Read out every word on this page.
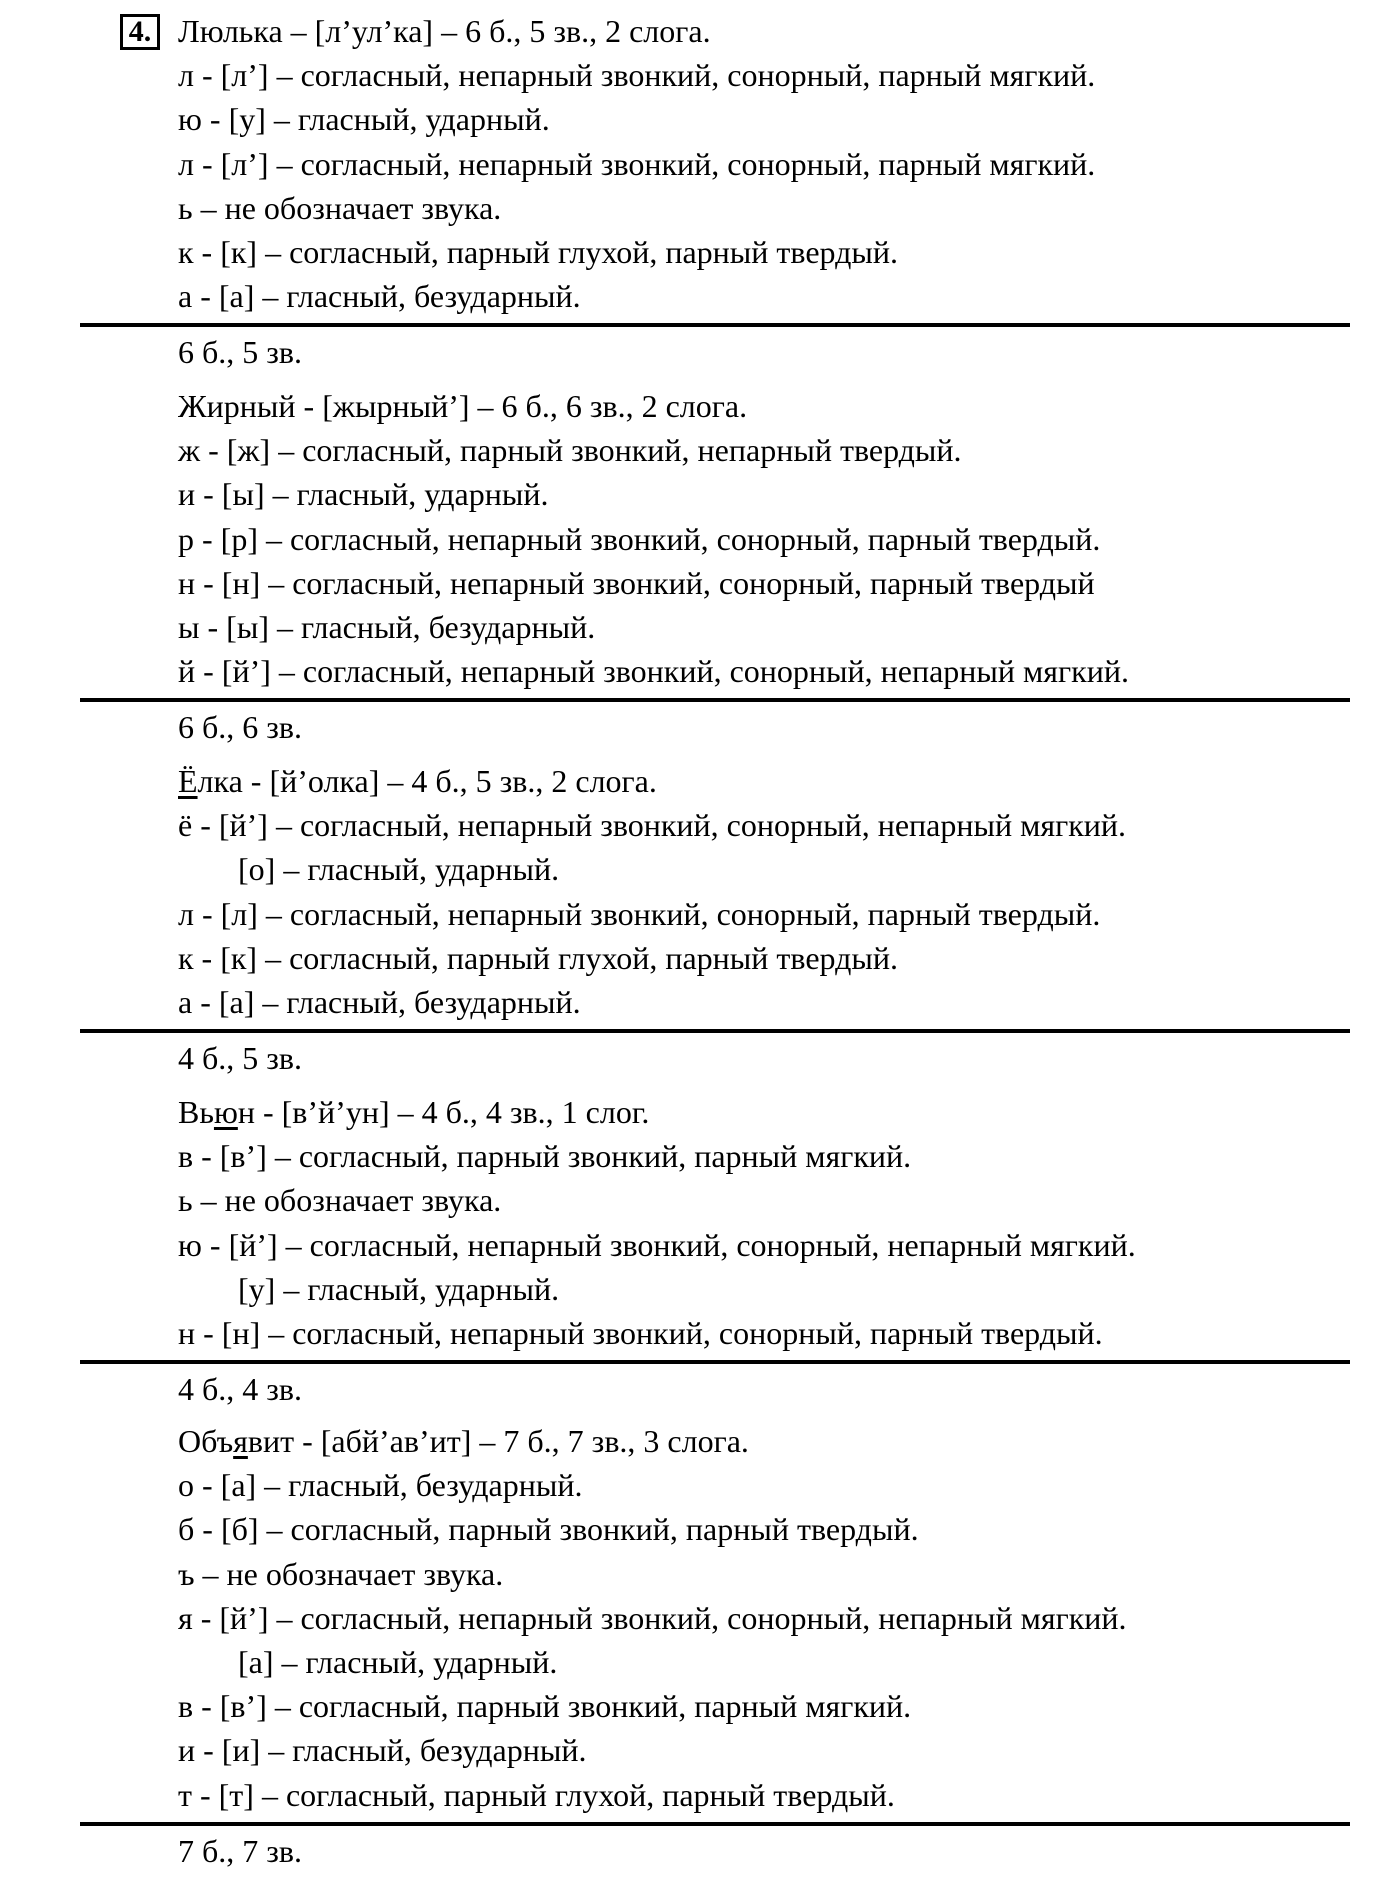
4. Люлька – [л’ул’ка] – 6 б., 5 зв., 2 слога.
л - [л’] – согласный, непарный звонкий, сонорный, парный мягкий.
ю - [у] – гласный, ударный.
л - [л’] – согласный, непарный звонкий, сонорный, парный мягкий.
ь – не обозначает звука.
к - [к] – согласный, парный глухой, парный твердый.
а - [а] – гласный, безударный.
6 б., 5 зв.
Жирный - [жырный’] – 6 б., 6 зв., 2 слога.
ж - [ж] – согласный, парный звонкий, непарный твердый.
и - [ы] – гласный, ударный.
р - [р] – согласный, непарный звонкий, сонорный, парный твердый.
н - [н] – согласный, непарный звонкий, сонорный, парный твердый
ы - [ы] – гласный, безударный.
й - [й’] – согласный, непарный звонкий, сонорный, непарный мягкий.
6 б., 6 зв.
Ёлка - [й’олка] – 4 б., 5 зв., 2 слога.
ё - [й’] – согласный, непарный звонкий, сонорный, непарный мягкий.
[о] – гласный, ударный.
л - [л] – согласный, непарный звонкий, сонорный, парный твердый.
к - [к] – согласный, парный глухой, парный твердый.
а - [а] – гласный, безударный.
4 б., 5 зв.
Вьюн - [в’й’ун] – 4 б., 4 зв., 1 слог.
в - [в’] – согласный, парный звонкий, парный мягкий.
ь – не обозначает звука.
ю - [й’] – согласный, непарный звонкий, сонорный, непарный мягкий.
[у] – гласный, ударный.
н - [н] – согласный, непарный звонкий, сонорный, парный твердый.
4 б., 4 зв.
Объявит - [абй’ав’ит] – 7 б., 7 зв., 3 слога.
о - [а] – гласный, безударный.
б - [б] – согласный, парный звонкий, парный твердый.
ъ – не обозначает звука.
я - [й’] – согласный, непарный звонкий, сонорный, непарный мягкий.
[а] – гласный, ударный.
в - [в’] – согласный, парный звонкий, парный мягкий.
и - [и] – гласный, безударный.
т - [т] – согласный, парный глухой, парный твердый.
7 б., 7 зв.
